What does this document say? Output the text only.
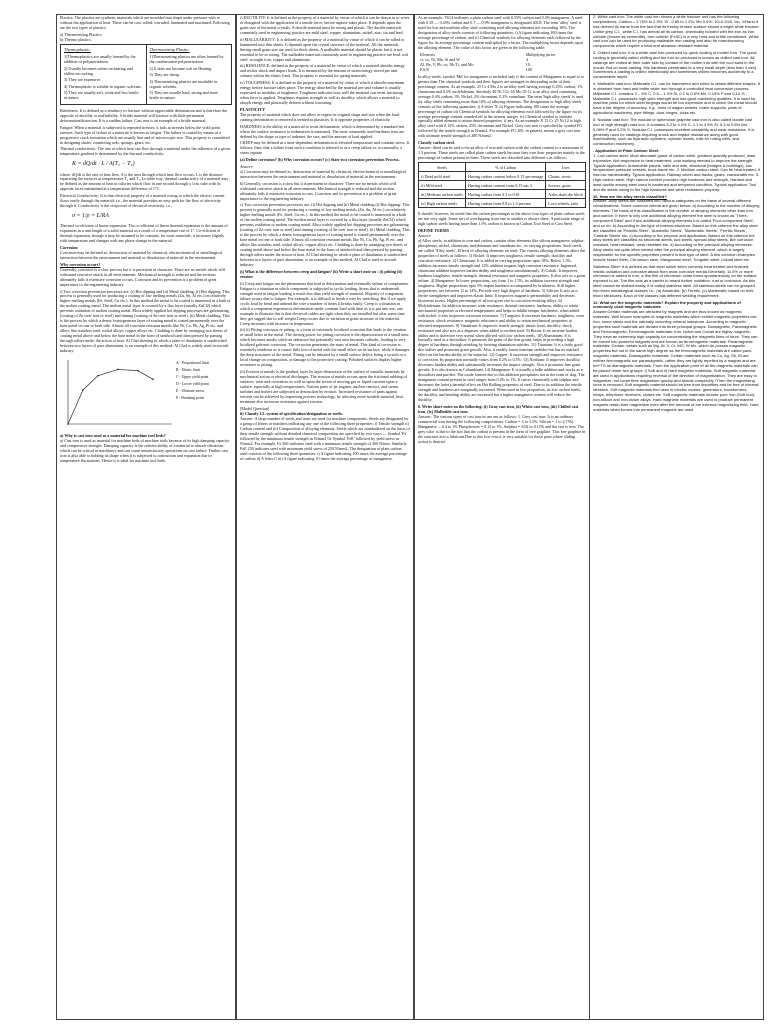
Plastics: The plastics are synthetic materials which are moulded into shape under pressure with or without the application of heat. These can be cast, rolled, extruded, laminated and machined. Following are the two types of plastics:

a) Thermosetting Plastics

b) Thermo plastics.

Thermoplastic:
1)Thermoplastics are usually formed by the addition of polymerization.
2) Usually becomes soften on heating and stiffen on cooling.
3) They are expensive.
4) Thermoplastic is soluble in organic solvents.
5) They are usually soft, weak and less brittle in nature.
Thermosetting Plastic:
1)Thermosetting plastics are often formed by the condensation polymerization.
2) It does not become soft on Heating.
3) They are cheap.
4) Thermosetting plastics are insoluble in organic solvents.
5) They are usually hard, strong and more brittle in nature.

Brittleness: It is defined as a tendency to fracture without appreciable deformation and is therefore the opposite of ductility or malleability. A brittle material will fracture with little permanent deformation/distortion. It is a sudden failure. Cast iron is an example of a brittle material.

Fatigue: When a material is subjected to repeated stresses, it fails at stresses below the yield point stresses. Such type of failure of a material is known as fatigue. The failure is caused by means of a progressive crack formation which are usually fine and of microscopic size. This property is considered in designing shafts, connecting rods, springs, gears, etc.

Thermal conductivity: The rate at which heat can flow through a material under the influence of a given temperature gradient is determined by the thermal conductivity:

K = dQ/dt · L / A(T₂ − T₁)

where, dQ/dt is the rate of heat flow. A is the area through which heat flow occurs. L is the distance separating the surfaces at temperatures T₁ and T₂. In other way, thermal conductivity of a material may be defined as the amount of heat in calories which flow in one second through a 1cm cube with its opposite faces maintained at a temperature difference of 1°C.

Electrical Conductivity: It is that electrical property of a material owing to which the electric current flows easily through the material. i.e., the material provides an easy path for the flow of electricity through it. Conductivity is the reciprocal of electrical resistivity, i.e.,

σ = 1/ρ = L/RA

Thermal co-efficient of linear expansion: The co-efficient of linear thermal expansion is the amount of expansion in a unit length of a solid material as a result of a temperature rise of 1°. Co-efficient of thermal expansion, though it may be assumed to be constant, for most materials, it increases slightly with temperature and changes with any phase change in the material.

Corrosion

Corrosion may be defined as, destruction of material by chemical, electrochemical or metallurgical interaction between the environment and material or dissolution of material in the environment.

Why corrosion occurs?

Generally, corrosion is a slow process but it is persistent in character. There are no metals which will withstand corrosive attack in all environments. Mechanical strength is reduced and the sections ultimately fails if extensive corrosion occurs. Corrosion and its prevention is a problem of great importance to the engineering industry.

i) Two corrosion prevention processes are: (i) Hot dipping and (ii) Metal cladding. (i) Hot dipping: This process is generally used for producing a coating of low melting metals (Zn, Sn, Al etc.) on relatively higher melting metals (Fe, Steel, Cu etc.). In this method the metal to be coated is immersed in a bath of the molten coating metal. The molten metal layer is covered by a flux layer (usually ZnCl2) which prevents oxidation of molten coating metal. Most widely applied hot dipping processes are galvanizing (coating of Zn over iron or steel) and tinning (coating of Sn over iron or steel). (ii) Metal cladding: This is the process by which a dense, homogeneous layer of coating metal is coated permanently over the base metal on one or both side. Almost all corrosion resistant metals like Ni, Cu, Pb, Ag, Pt etc. and alloys like stainless steel, nickel alloys, copper alloys etc. Cladding is done by arranging two sheets of coating metal above and below the base metal in the form of sandwich and then pressed by passing through rollers under the action of heat. Al Clad sheeting in which a plate of duralumin is sandwiched between two layers of pure aluminium, is an example of this method. Al Clad is widely used in aircraft industry.

A - Proportional limit
B - Elastic limit
C - Upper yield point
D - Lower yield point
E - Ultimate stress
F - Breaking point

a) Why is cast iron used as a material for machine tool beds?

a) Cast iron is used as material for machine beds of machine tools because of its high damping capacity and compressive strength. Damping capacity is the relative ability of a material to absorb vibrations which can be critical in machinery and can cause unsatisfactory operations on cast failure. Further cast iron is also able to holding its shape when it is subjected to contraction and expansion due to temperature fluctuations. Hence it is ideal for machine tool beds.

i) DUCTILITY: It is defined as the property of a material by virtue of which it can be drawn in to wires or elongated with the application of a tensile force, before rupture takes place. It depends upon the grain size of the metal crystals. A ductile material must be strong and plastic. The ductile materials commonly used in engineering practice are mild steel, copper, aluminium, nickel, zinc, tin and lead.

ii) MALLEABILITY: It is defined as the property of a material by virtue of which it can be rolled or hammered into thin sheets. It depends upon the crystal structure of the material. All the materials having small grain size are used for thick sheets. A malleable material should be plastic but it is not essential to be so strong. The malleable materials commonly used in engineering practice are lead, soft steel, wrought iron, copper and aluminium.

iii) RESILIENCE: defined as the property of a material by virtue of which a material absorbs energy and resists shock and impact loads. It is measured by the amount of strain energy stored per unit volume within the elastic limit. This property is essential for spring materials.

iv) TOUGHNESS: It is defined as the property of a material by virtue of which it absorbs maximum energy before fracture takes place. The energy absorbed by the material per unit volume is usually expressed as modulus of toughness. Toughness indicates how well the material can resist fracturing when force is applied. Toughness requires strength as well as ductility, which allows a material to absorb energy and plastically deform without fracturing.

PLASTICITY

The property of material which does not allow to regain its original shape and size when the load causing deformation is removed is termed as plasticity. It is opposite properties of elasticity.

HARDNESS is the ability of a material to resist deformation, which is determined by a standard test where the surface resistance to indentation is measured. The most commonly used hardness tests are defined by the shape or type of indenter, the size, and the amount of load applied.

CREEP may be defined as a time-dependent deformation at elevated temperature and constant stress. It follows, then, that a failure from such a condition is referred to as a creep failure or, occasionally, a stress rupture.

(a) Define corrosion? (b) Why corrosion occurs? (c) State two corrosion prevention Process.

Answer:

a) Corrosion may be denned as, destruction of material by chemical, electrochemical or metallurgical interaction between the environment and material or dissolution of material in the environment.

b) Generally, corrosion is a slow but it is persistent in character. There are no metals which will withstand corrosive attack in all environments. Mechanical strength is reduced and the section ultimately fails if extensive corrosion occurs. Corrosion and its prevention is a problem of great importance to the engineering industry.

c) Two corrosion prevention processes are: (i) Hot dipping and (ii) Metal cladding (i) Hot dipping: This process is generally used for producing a coating of low melting metals (Zn, Sn, Al etc.) on relatively higher melting metals (Fe, Steel, Cu etc.). In this method the metal to be coated is immersed in a bath of the molten coating metal. The molten metal layer is covered by a flux layer (usually ZnCl2) which prevents oxidation of molten coating metal. Most widely applied hot dipping processes are galvanizing (coating of Zn over iron or steel) and tinning (coating of Sn over iron or steel). (ii) Metal cladding: This is the process by which a dense, homogeneous layer of coating metal is coated permanently over the base metal on one or both side. Almost all corrosion resistant metals like Ni, Cu, Pb, Ag, Pt etc. and alloys like stainless steel, nickel alloys, copper alloys etc. Cladding is done by arranging two sheets of coating metal above and below the base metal in the form of sandwich and then pressed by passing through rollers under the action of heat. Al Clad sheeting in which a plate of duralumin is sandwiched between two layers of pure aluminium, is an example of this method. Al Clad is used in aircraft industry.

(i) What is the difference between creep and fatigue? (ii) Write a short note on : (i) pitting (ii) erosion

(i) Creep and fatigue are the phenomena that lead to deformation and eventually failure of components. Fatigue is a situation in which component is subjected to cyclic loading. Stress that is underneath strength used in fatigue loading is much less than yield strength of material. Majority of component failure occurs due to fatigue. For example, it is difficult to break a wire by stretching. But if we apply cyclic load by bend and unbend the wire a number of times it breaks easily. Creep is a situation in which a component experiences deformation under constant load with time as it is put into use, one example to illustrate this is that electrical cables are tight when they are installed but after some time they get sagged due to self weight.Creep occurs due to variation in grain structure of the material. Creep increases with increase in temperature.

(ii) (i) Pitting corrosion or pitting, is a form of extremely localized corrosion that leads to the creation of small holes in the metal. The driving power for pitting corrosion is the depassivation of a small area, which becomes anodic while an unknown but potentially vast area becomes cathodic, leading to very localized galvanic corrosion. The corrosion penetrates the mass of metal. This kind of corrosion is extremely insidious as it causes little loss of metal with the small effect on its surface, while it damages the deep structures of the metal. Pitting can be initiated by a small surface defect, being a scratch or a local change on composition, or damage to the protective coating. Polished surfaces display higher resistance to pitting.

(ii) Erosion of metals is the gradual, layer by layer destruction of the surface of metallic materials by mechanical action or electrical discharges. The erosion of metals occurs upon the frictional rubbing of surfaces, wear and cavitation, as well as upon the action of moving gas or liquid currents upon a surface, especially at high temperatures. Various parts of jet engines, nuclear reactors, and steam turbines and boilers are subjected to destruction by erosion. Increased resistance of parts against erosion can be achieved by improving process technology, by selecting more suitable material, heat treatment also increases resistance against erosion.

[Model Question]

ii) Classify I.S. system of specification/designation or steels.

Answer: A large number of steels and irons are used for machine components. Steels are designated by a group of letters or numbers indicating any one of the following three properties: i) Tensile strength ii) Carbon content and iii) Composition of alloying elements. Steels which are standardized on the basis of their tensile strength without detailed chemical composition are specified by two ways — Symbol 'Fe' followed by the minimum tensile strength in N/mm2 Or Symbol 'FeE' followed by yield stress in N/mm2. For example, Fe 360 indicates steel with a minimum tensile strength of 360 N/mm. Similarly FeE 250 indicates steel with minimum yield stress of 250 N/mm2. The designation of plain carbon steel consists of the following three quantities: i) A figure indicating 100 times the average percentage of carbon ii) A letter C iii) A figure indicating 10 times the average percentage of manganese.

As an example, 55C4 indicates a plain carbon steel with 0.55% carbon and 0.4% manganese. A steel with 0.35 — 0.45% carbon and 0.7 — 0.9% manganese is designated 40C8. The term 'alloy' steel is used for low and medium alloy steel containing total alloying elements not exceeding 10%. The designation of alloy steels consists of following quantities: i) A figure indicating 100 times the average percentage of carbon, and ii) Chemical symbols for alloying elements each followed by the figure for its average percentage content multiplied by a factor. The multiplying factor depends upon the alloying element. The value of this factor are given in the following table:

Elements	Multiplying factor
cr, co, Ni, Mn, Si and W	4
Al, Be, V, Pb, cu, Nb,Ti, and Mo	10
P,S,N	100

In alloy steels, symbol 'Mn' for manganese is included only if the content of Manganese is equal to or greater than The chemical symbols and their figures are arranged in descending order of their percentage content. As an example, 25 Cr 4 Mo 2 is an alloy steel having average 0.25% carbon, 1% chromium and 0.2% molybdenum. Similarly 40 Ni 3 Cr 65 Mo 55 Cr is an alloy steel containing average 0.4% carbon, 3% Nickel, 2% chromium, 0.2% vanadium. The term 'high alloy steels' is used for alloy steels containing more than 10% of alloying elements. The designation or high alloy steels consists of the following quantities: i) A letter 'X' ii) Figure indicating 100 times the average percentage of carbon iii) Chemical symbols for alloying elements each followed by the figure for its average percentage content rounded off to the nearest integer. iv) Chemical symbol to indicate specially added element to attain desired properties, if any. As an example X 15 Cr 25 Ni 12 is high alloy steel with 0.15% carbon, 25% chromium and Nickel. Grey cast iron is specified by symbol FG followed by the tensile strength in N/mm2. For example FG 200, in general, means a grey cast iron with ultimate tensile strength of 200 N/mm2.

Classify carbon steel.

Answer: Steel can be said to be an alloy of iron and carbon with the carbon content to a maximum of 1.5 percent. These steels are called plain carbon steels because they owe their properties mainly to the percentage of carbon present in them. These steels are classified into different s as follows:

Steels	% of Carbon	Uses
i) Dead mild steel	Having carbon content below 0.15 percentage	Chains, rivets
ii) Mild steel	Having carbon content from 0.15 nas 3	Screws, gears
iii) Medium carbon steels	Having carbon from 0.3 to 0.81	Axles,shaft,die block
iv) High carbon steels	Having carbon from 0.8 to 1.5 percent	Loco wheels, rails

It should, however, be noted that the carbon percentages in the above four types of plain carbon steels are not very rigid. Some sort of overlapping from one to another is always there. A particular range of high carbon steels having more than 1.0% carbon is known as Carbon Tool Steel or Cast Steel.

DEFINE TERMS

Answer:

a) Alloy steels, in addition to iron and carbon, contain other elements like silicon manganese, sulphur, phosphorus, nickel, chromium, molybdenum and vanadium etc., in varying proportions. Such steels are called 'Alloy steels'. Effects of alloying elements on steel: The various alloying elements affect the properties of steels as follows: 1) Nickel: It improves toughness, tensile strength, ductility and corrosion resistance. 2) Chromium: It is added in varying proportions upto 18%. Below 1.5%, addition increases tensile strength and 12% addition imparts high corrosion resistance. Ingeneral, chromium addition improves harden ability and toughness simultaneously. 3) Cobalt: It improves hardness toughness, tensile strength, thermal resistance and magnetic properties. It also acts as a grain refiner. 4) Manganese: In lower proportions, say from 1 to 1.5%, its addition increase strength and toughness. Higher proportions upto 5% impart hardness accompanied by brittleness. Still higher proportions, say between 11 to 14%, Provide very high degree of hardness. 5) Silicon: It acts as α ferrite strengthener and improves elastic limit. It improves magnetic permeability and decreases hysteresis losses. Higher percentage of silicon gives rise to corrosion resisting alloys. 6) Molybdenum: Its addition increases wear resistance, thermal resistance, hardness, ability to retain mechanical properties at elevated temperatures and helps to inhibit temper brittleness, when added with nickel, it also improves corrosion resistance. 7) Tungsten: It increases hardness, toughness, wear resistance, shock resistance, magnetic reluctance and ability to retain mechanical properties at elevated temperatures. 8) Vanadium: It improves tensile strength, elastic limit, ductility, shock resistance and also acts as a degasser when added to molten steel. 9) Boron: It an increase harden ability and is therefore very useful when alloyed with low carbon steels. 10) Aluminium: It is basically used as a deoxidiser. It promotes the grain of the fine grains, helps in providing a high degree of hardness through nitriding by forming aluminium nitrides. 11) Titanium: It is a fairly good deo xidiser and promotes grain growth. Also, it readily forms titanium carbides but has no marked effect on the harden ability of the material. 12) Copper: It increases strength and improves resistance to corrosion. Its proportion normally varies from 0.2% to 0.5%. 13) Niobium: It improves ductility, decreases harden ability and substantially increases the impact strength. Also it promotes fine grain growth. It is also known as Columbium. 14) Manganese: It is usually a ladle addition and works as a deoxidiser and purifier. The oxide formed due to this addition precipitates not in the form of slag. The manganese content present in steel ranges from 0.2% to 1%. It reacts chemically with sulphur and decreases the latter's harmful effect on Hot Rolling properties of steel. Due to its addition the tensile strength and hardness are marginally increased. When used in low proportion, its low carbon steels, the ductility and bending ability are increased but a higher manganese content will reduce the ductility.

6. Write short notes on the following: (i) Gray cast iron, (ii) White cast iron, (iii) Chilled cast iron, (iv) Malleable cast iron.

Answer: The various types of cast iron in use are as follows: 1. Grey cast iron: It is an ordinary commercial iron having the following compositions: Carbon = 3 to 3.5%, Silicon = 1 to 2.75%, Manganese —0.4 to 1% Phosphorous = 0.15 to 1%, Sulphur = 0.02 to 0.15% and the rest is iron. The grey color is due to the fact that the carbon is present in the form of free graphite. This free graphite in the structure acts a lubricant Due to this low-cost it is very suitable for those parts where sliding action is desired.

2. White cast iron: The white cast iron shows a white fracture and has the following compositions: Carbon – 1.75% to 2.3%; Si - 0.85 to 1.2%; Mn 0.4%; 10<0.20/0, ion, 1/Hand it has derived its name from the fact that its freshly broken surface shows a bright white fracture. Unlike grey C.I., white C.I. has almost all its carbon, chemically bonded with the iron as iron carbide (known as cementite). Iron carbide (Fe3C) is a very hard and brittle constituent. White cast iron can be used for producing malleable iron casting and also for manufacturing components which require a hard and abrasion resistant material.

3. Chilled cast iron: It is a white cast iron produced by quick cooling of molten iron. The quick cooling is generally called chilling and the iron so produced is known as chilled cast iron. All castings are chilled at their outer skin by contact of the molten iron with the cool sand in the mould. But on most casting, this hardness penetrates to a very small depth (less than 4 mm). Sometimes a casting is chilled intentionally and sometimes chilled becomes accidently to a considerable depth.

4. Malleable cast iron: Malleable C.I. can be hammered and rolled to obtain different shapes. It is obtained from hard and brittle white iron through a controlled heat conversion process. Malleable C.I. contains 2 – 3% C, 0.6 – 1.3% Si, 0.2 to 0.6% Mn, 0.15% P and 0.10 % Malleable C.I. possesses high yield strength and has good machining qualities. It is used for machine parts for which steel forgings would be too expensive and in which the metal should have a fair degree of accuracy, e.g., hubs of wagon wheels, brake supports, parts of agricultural machinery, pipe fittings, door hinges, locks etc.

5. Nodular cast iron: The nodular or spheroidal graphite cast iron is also called ductile cast iron or high strength cast iron. It contains 3.2 to 4.2% C, 1.1 to 3.5% Si, 0.3 to 0.8% Mn, 0.08% P and 0.2% S. Nodular C.I. possesses excellent castability and wear resistance. It is generally used for castings requiring shock and impact resistance along with good machinability, such as hydraulic cylinders, cylinder heads, rolls for rolling mills, and construction machinery.

. Application of Plain Carbon Steel:

1. Low carbon steel: Most abundant grade of carbon steel, greatest quantity produced, least expensive. Not responsive to heat treatment; cold working needed to improve the strength. Typical application: Automobile panels, nails and wire, structural (bridges & buildings), low temperature pressure vessels, truck frame etc. 2. Medium carbon steel: Can be heat treated, it has low hardenability. Typical application: Railway wheel and tracks, gears, crankshafts etc. 3. High carbon steel: High carbon content provides high hardness and strength. Hardest and least ductile among steel used in hardened and tempered condition. Typical application: Tool and die steels owing to the high hardness and wear resistance property.

10. How are the alloy steels classified?

Answer: Alloy steels are classified into various categories on the basis of several different considerations. Some common criteria are given below: a) According to the number of alloying elements: The basis of this classification is the number of alloying elements other than iron and carbon. If there is only one additional alloying element the steel is known as 'Three-component Steel' and if two additional alloying elements it is called 'Four-component Steel', and so on. b) According to the type of internal structure: Based on this criterion the alloy steel are classified as 'Pearlitic Steel', 'Austenitic Steels', 'Martensitic Steels', 'Ferritic Steels', 'Carbide Steels' etc. c) According to the purpose and application: Based on this criterion the alloy steels are classified as structural steels, tool steels, special alloy steels, like corrosion resistant, heat resistant, wear resistant etc. d) According to the principal alloying elements: Alloy steels are quite often named after the principal alloying element, which is largely responsible for the specific properties present in that type of steel. A few common examples include Nickel Steel, Chromium steel, Manganese steel, Tungsten steel, Cobalt steel etc.

Stainless Steel: It is defined as that steel which when correctly heat treated and finished, resists oxidation and corrosive attack from most corrosive media.Generally, 11.5% or more chromium is added to iron, a fine film of chromium oxide forms spontaneously on the surface exposed to air. The film acts as a barrier to retard further oxidation, rust or corrosion. As this steel cannot be stained easily, it is called stainless steel. All stainless steels can be grouped into three metallurgical classes i.e., (a) Austenitic, (b) Ferritic, (c) Martensitic based on their micro structures. Each of the classes has different welding requirement.

12. What are the magnetic materials? Explain the property and applications of commonly used magnetic materials

Answer:Certain materials are attracted by magnets and are thus known as magnetic materials. Well known examples of magnetic materials which exhibit magnetic properties are: iron, some steels and the naturally occurring mineral lodestone. According to magnetic properties such materials are divided into three principal groups: Diamagnetic, Paramagnetic and Ferromagnetic. Ferromagnetic materials: Iron, nickel and Cobalt are highly magnetic. They have an extremely high capacity for concentrating the magnetic lines of force. They can be turned into powerful magnets and are known as ferromagnetic materials. Paramagnetic materials: Certain metals such as Mg, Al, V, Cr, MO, W etc. which do posses magnetic properties but not in the same high degree as the ferromagnetic materials are called para-magnetic materials. Diamagnetic materials: Certain materials such as Cu, Ag, Sb, Bi are neither ferromagnetic nor paramagnetic, rather they are lightly repelled by a magnet and are hm^TS as diamagnetic materials. From the application point of all the magnetic materials can be placed under two groups: i) Soft and ii) Hard magnetic materials. Soft magnetic materials are used in applications requiring reversal of the direction of magnetization. They are easy to magnetize, but loose their magnetism quickly and almost completely *Then the magnetizing force is removed. Soft magnetic material should be free from impurities and be free of internal stresses. Soft magnetic materials find uses in electric motors, generators, transformers, relays, telephone receivers, radars etc. Soft magnetic materials include pure iron (Soft iron), iron-silicon and iron-nickel alloys. Hard magnetic materials are used to produce permanent magnets retain their magnetism even after the removal of the external magnetizing field. Hard materials when turned into permanent magnets are used
